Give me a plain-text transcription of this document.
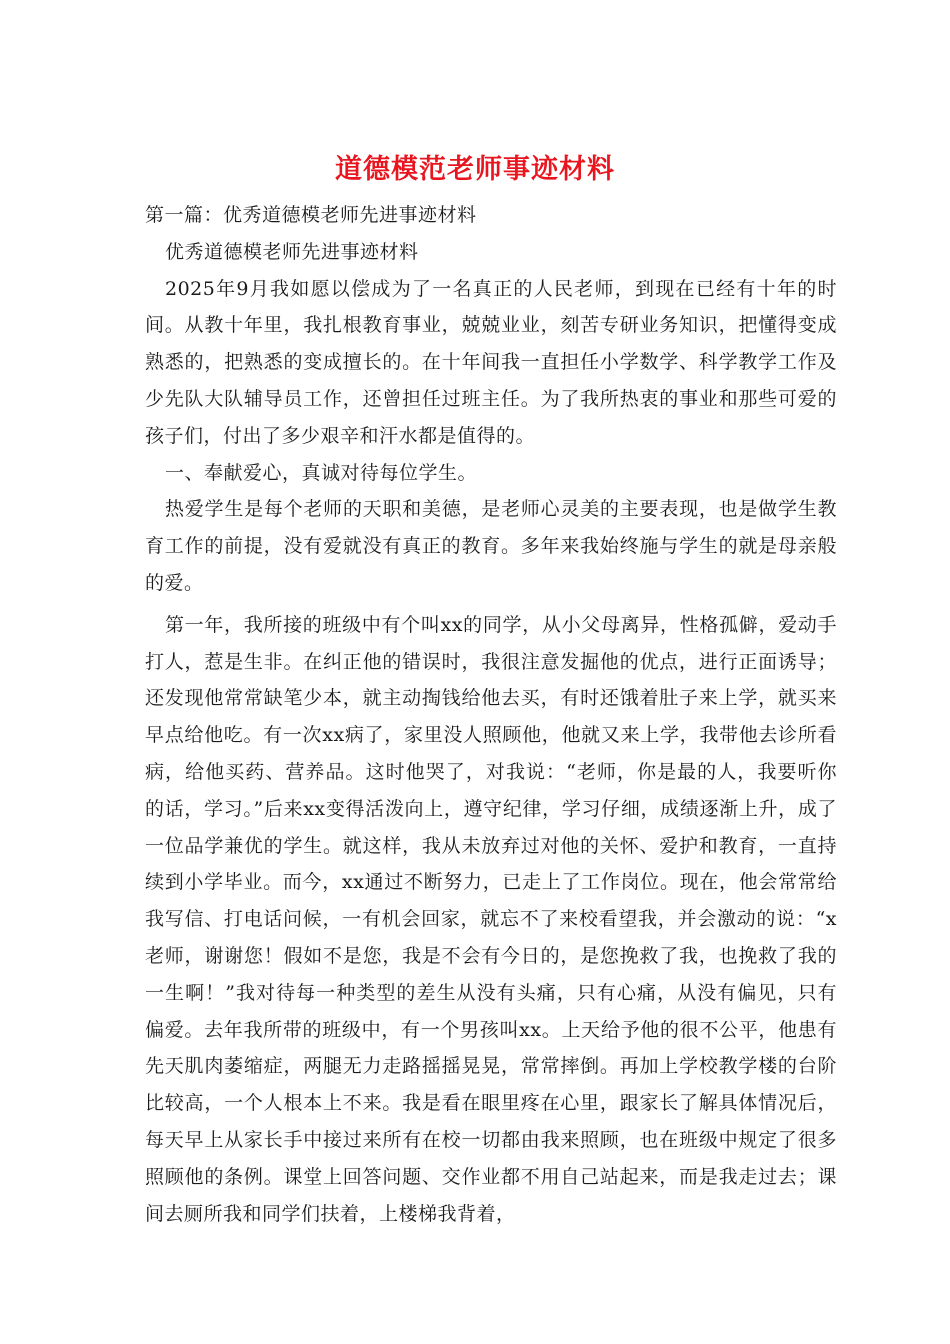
道德模范老师事迹材料

第一篇：优秀道德模老师先进事迹材料

优秀道德模老师先进事迹材料

2025年9月我如愿以偿成为了一名真正的人民老师，到现在已经有十年的时间。从教十年里，我扎根教育事业，兢兢业业，刻苦专研业务知识，把懂得变成熟悉的，把熟悉的变成擅长的。在十年间我一直担任小学数学、科学教学工作及少先队大队辅导员工作，还曾担任过班主任。为了我所热衷的事业和那些可爱的孩子们，付出了多少艰辛和汗水都是值得的。

一、奉献爱心，真诚对待每位学生。

热爱学生是每个老师的天职和美德，是老师心灵美的主要表现，也是做学生教育工作的前提，没有爱就没有真正的教育。多年来我始终施与学生的就是母亲般的爱。

第一年，我所接的班级中有个叫xx的同学，从小父母离异，性格孤僻，爱动手打人，惹是生非。在纠正他的错误时，我很注意发掘他的优点，进行正面诱导；还发现他常常缺笔少本，就主动掏钱给他去买，有时还饿着肚子来上学，就买来早点给他吃。有一次xx病了，家里没人照顾他，他就又来上学，我带他去诊所看病，给他买药、营养品。这时他哭了，对我说：“老师，你是最的人，我要听你的话，学习。”后来xx变得活泼向上，遵守纪律，学习仔细，成绩逐渐上升，成了一位品学兼优的学生。就这样，我从未放弃过对他的关怀、爱护和教育，一直持续到小学毕业。而今，xx通过不断努力，已走上了工作岗位。现在，他会常常给我写信、打电话问候，一有机会回家，就忘不了来校看望我，并会激动的说：“x老师，谢谢您！假如不是您，我是不会有今日的，是您挽救了我，也挽救了我的一生啊！”我对待每一种类型的差生从没有头痛，只有心痛，从没有偏见，只有偏爱。去年我所带的班级中，有一个男孩叫xx。上天给予他的很不公平，他患有先天肌肉萎缩症，两腿无力走路摇摇晃晃，常常摔倒。再加上学校教学楼的台阶比较高，一个人根本上不来。我是看在眼里疼在心里，跟家长了解具体情况后，每天早上从家长手中接过来所有在校一切都由我来照顾，也在班级中规定了很多照顾他的条例。课堂上回答问题、交作业都不用自己站起来，而是我走过去；课间去厕所我和同学们扶着，上楼梯我背着，
